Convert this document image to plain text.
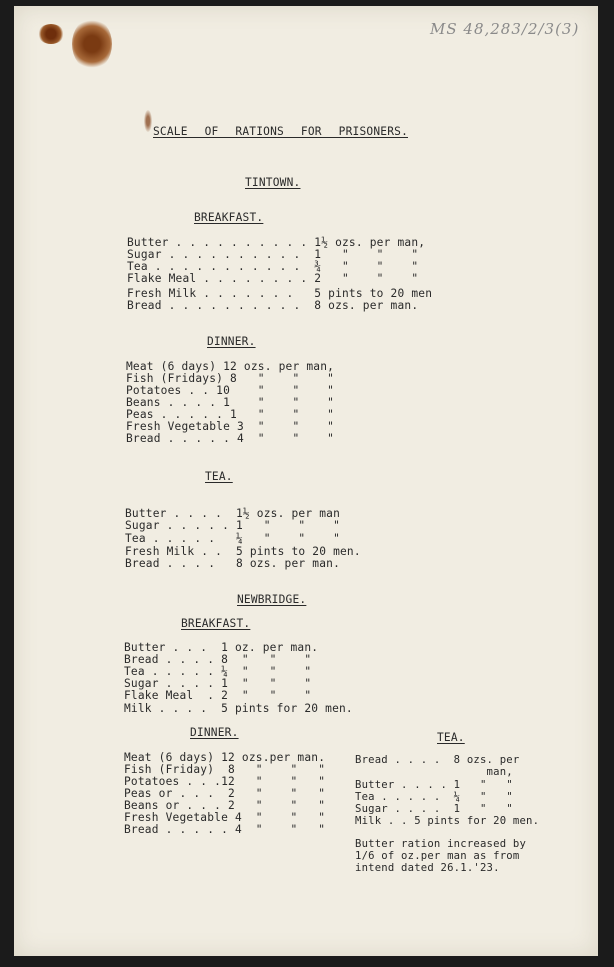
MS 48,283/2/3(3)
SCALE OF RATIONS FOR PRISONERS.
TINTOWN.
BREAKFAST.
Butter . . . . . . . . . . 1½ ozs. per man,
Sugar . . . . . . . . . .  1   "    "    "
Tea . . . . . . . . . . .  ¾   "    "    "
Flake Meal . . . . . . . . 2   "    "    "
Fresh Milk . . . . . . .   5 pints to 20 men
Bread . . . . . . . . . .  8 ozs. per man.
DINNER.
Meat (6 days) 12 ozs. per man,
Fish (Fridays) 8   "    "    "
Potatoes . . 10    "    "    "
Beans . . . . 1    "    "    "
Peas . . . . . 1   "    "    "
Fresh Vegetable 3  "    "    "
Bread . . . . . 4  "    "    "
TEA.
Butter . . . .  1½ ozs. per man
Sugar . . . . . 1   "    "    "
Tea . . . . .   ¼   "    "    "
Fresh Milk . .  5 pints to 20 men.
Bread . . . .   8 ozs. per man.
NEWBRIDGE.
BREAKFAST.
Butter . . .  1 oz. per man.
Bread . . . . 8  "   "    "
Tea . . . . . ¼  "   "    "
Sugar . . . . 1  "   "    "
Flake Meal  . 2  "   "    "
Milk . . . .  5 pints for 20 men.
DINNER.
Meat (6 days) 12 ozs.per man.
Fish (Friday)  8   "    "   "
Potatoes . . .12   "    "   "
Peas or . . .  2   "    "   "
Beans or . . . 2   "    "   "
Fresh Vegetable 4  "    "   "
Bread . . . . . 4  "    "   "
TEA.
Bread . . . .  8 ozs. per
man,
Butter . . . . 1   "   "
Tea . . . . .  ¼   "   "
Sugar . . . .  1   "   "
Milk . . 5 pints for 20 men.
Butter ration increased by
1/6 of oz.per man as from
intend dated 26.1.'23.
